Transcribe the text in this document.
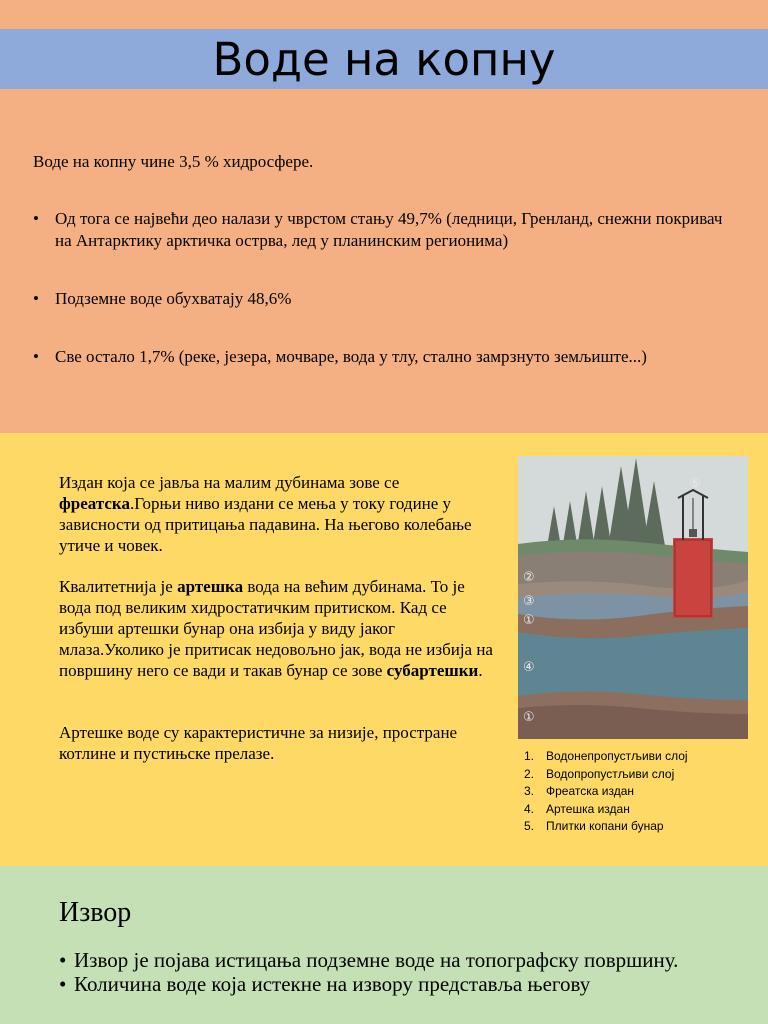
Воде на копну
Воде на копну чине 3,5 % хидросфере.
• Од тога се највећи део налази у чврстом стању 49,7% (ледници, Гренланд, снежни покривач на Антарктику арктичка острва, лед у планинским регионима)
• Подземне воде обухватају 48,6%
• Све остало 1,7% (реке, језера, мочваре, вода у тлу, стално замрзнуто земљиште...)

Издан која се јавља на малим дубинама зове се фреатска.Горњи ниво издани се мења у току године у зависности од притицања падавина. На његово колебање утиче и човек.

Квалитетнија је артешка вода на већим дубинама. То је вода под великим хидростатичким притиском. Кад се избуши артешки бунар она избија у виду јаког млаза.Уколико је притисак недовољно јак, вода не избија на површину него се вади и такав бунар се зове субартешки.

Артешке воде су карактеристичне за низије, простране котлине и пустињске прелазе.

⑤
②
③
①
④
①
1. Водонепропустљиви слој
2. Водопропустљиви слој
3. Фреатска издан
4. Артешка издан
5. Плитки копани бунар
Извор
• Извор је појава истицања подземне воде на топографску површину.
• Количина воде која истекне на извору представља његову
